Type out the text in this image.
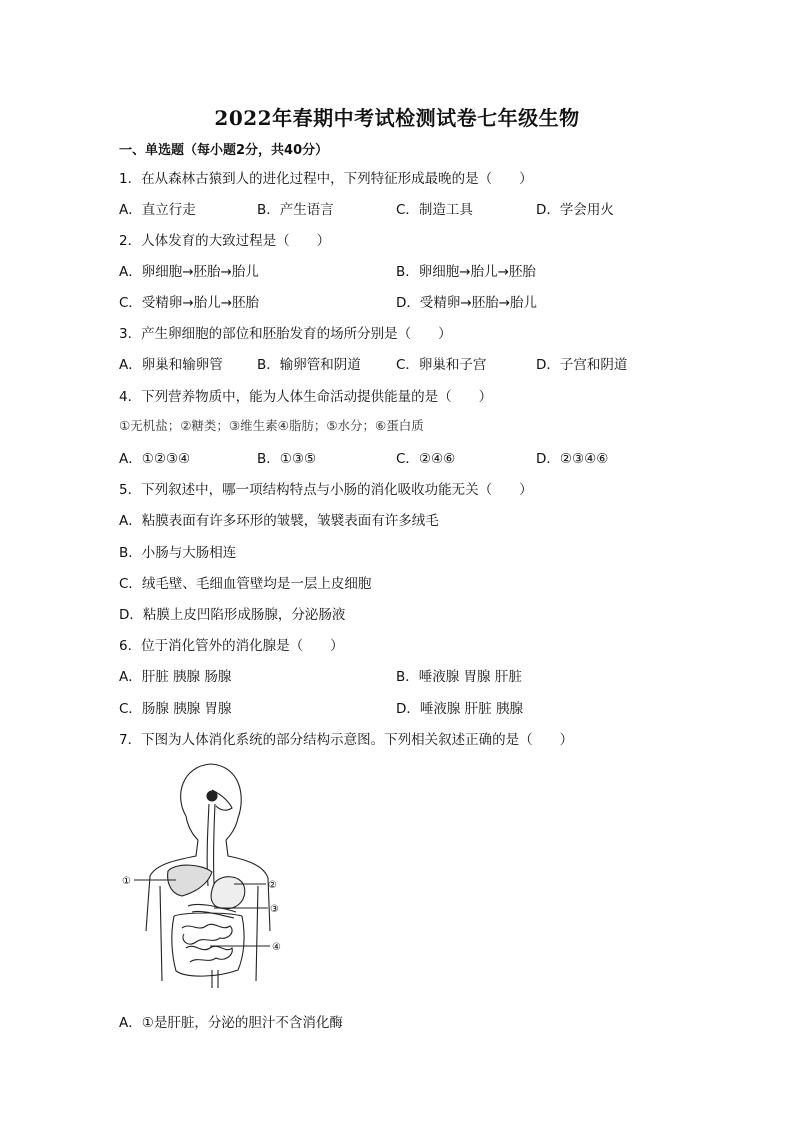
2022年春期中考试检测试卷七年级生物
一、单选题（每小题2分，共40分）
1．在从森林古猿到人的进化过程中，下列特征形成最晚的是（　　）
A．直立行走	B．产生语言	C．制造工具	D．学会用火
2．人体发育的大致过程是（　　）
A．卵细胞→胚胎→胎儿	B．卵细胞→胎儿→胚胎
C．受精卵→胎儿→胚胎	D．受精卵→胚胎→胎儿
3．产生卵细胞的部位和胚胎发育的场所分别是（　　）
A．卵巢和输卵管	B．输卵管和阴道	C．卵巢和子宫	D．子宫和阴道
4．下列营养物质中，能为人体生命活动提供能量的是（　　）
①无机盐；②糖类；③维生素④脂肪；⑤水分；⑥蛋白质
A．①②③④	B．①③⑤	C．②④⑥	D．②③④⑥
5．下列叙述中，哪一项结构特点与小肠的消化吸收功能无关（　　）
A．粘膜表面有许多环形的皱襞，皱襞表面有许多绒毛
B．小肠与大肠相连
C．绒毛壁、毛细血管壁均是一层上皮细胞
D．粘膜上皮凹陷形成肠腺，分泌肠液
6．位于消化管外的消化腺是（　　）
A．肝脏 胰腺 肠腺	B．唾液腺 胃腺 肝脏
C．肠腺 胰腺 胃腺	D．唾液腺 肝脏 胰腺
7．下图为人体消化系统的部分结构示意图。下列相关叙述正确的是（　　）
①	②
③
④
A．①是肝脏，分泌的胆汁不含消化酶
